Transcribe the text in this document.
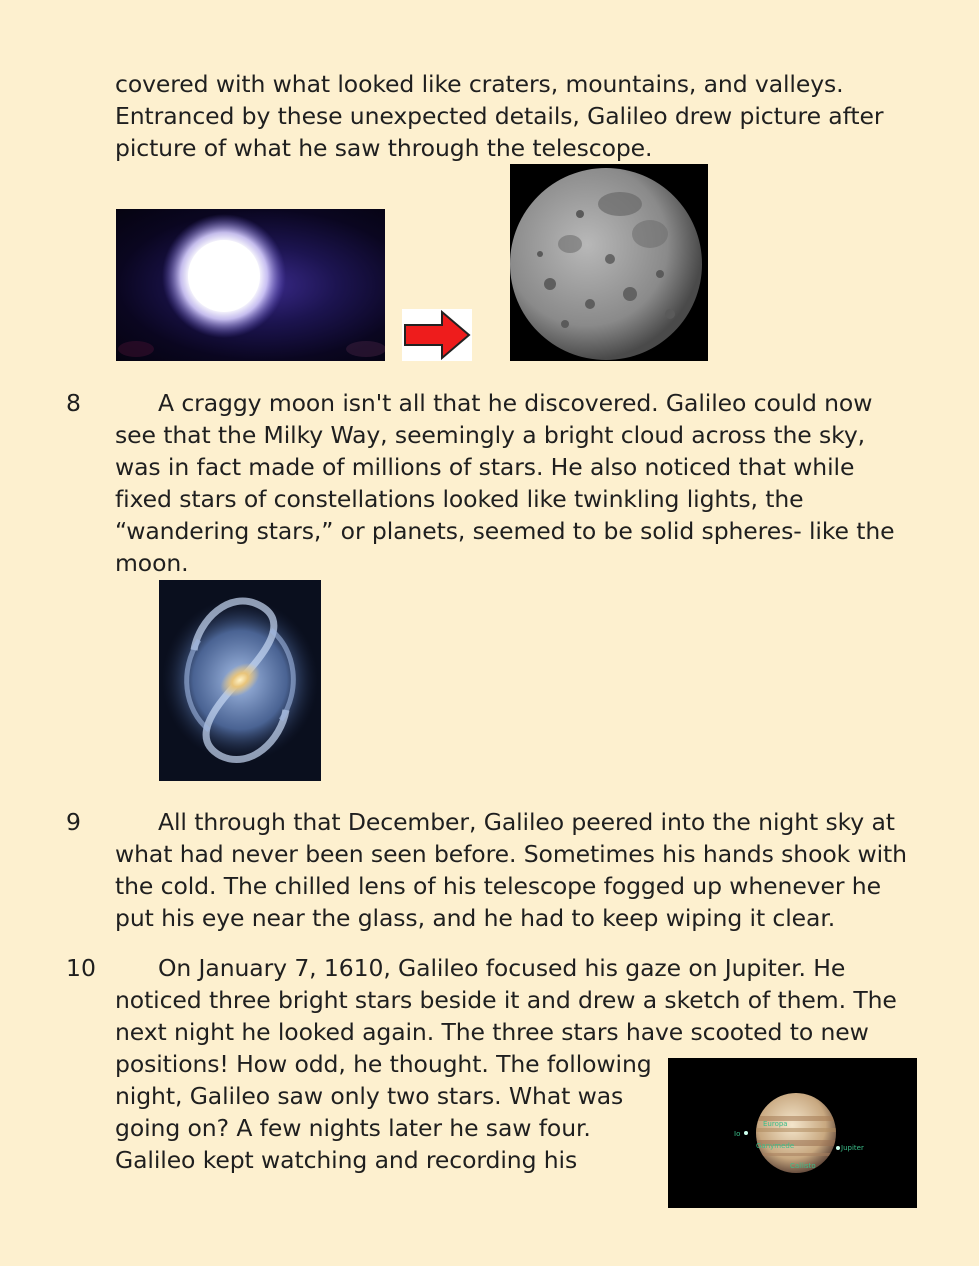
covered with what looked like craters, mountains, and valleys.
Entranced by these unexpected details, Galileo drew picture after
picture of what he saw through the telescope.
8	A craggy moon isn't all that he discovered. Galileo could now
see that the Milky Way, seemingly a bright cloud across the sky,
was in fact made of millions of stars. He also noticed that while
fixed stars of constellations looked like twinkling lights, the
“wandering stars,” or planets, seemed to be solid spheres- like the
moon.
9	All through that December, Galileo peered into the night sky at
what had never been seen before. Sometimes his hands shook with
the cold. The chilled lens of his telescope fogged up whenever he
put his eye near the glass, and he had to keep wiping it clear.
10	On January 7, 1610, Galileo focused his gaze on Jupiter. He
noticed three bright stars beside it and drew a sketch of them. The
next night he looked again. The three stars have scooted to new
positions! How odd, he thought. The following
night, Galileo saw only two stars. What was
going on? A few nights later he saw four.
Galileo kept watching and recording his
Io
Ganymede	Jupiter
Callisto
Europa
